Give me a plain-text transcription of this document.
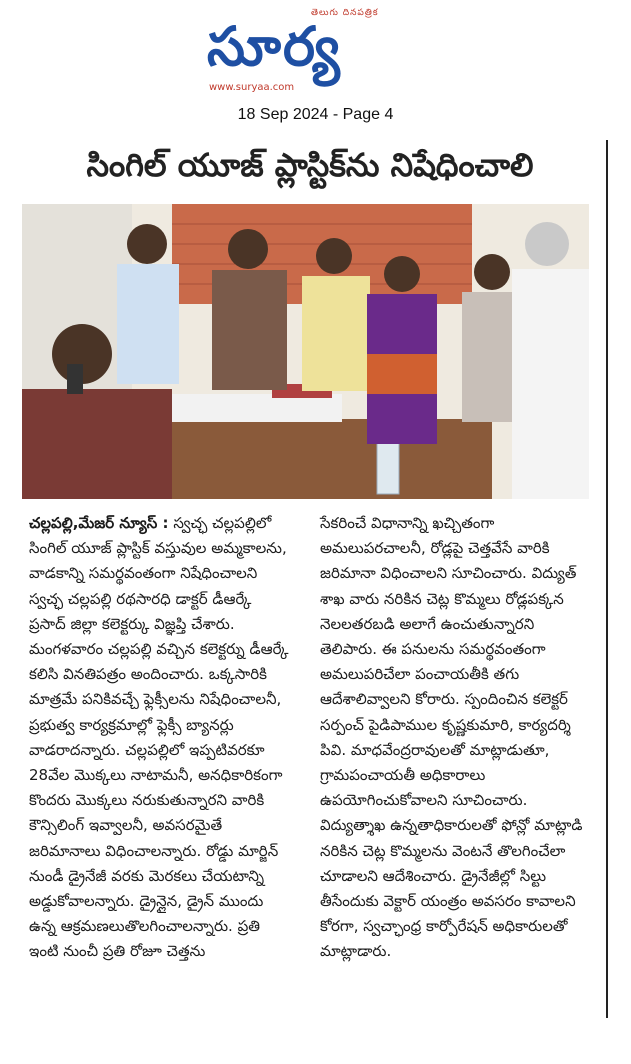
తెలుగు దినపత్రిక
సూర్య
www.suryaa.com
18 Sep 2024 - Page 4
సింగిల్ యూజ్ ప్లాస్టిక్‌ను నిషేధించాలి

చల్లపల్లి,మేజర్ న్యూస్ : స్వచ్ఛ చల్లపల్లిలో సింగిల్ యూజ్ ప్లాస్టిక్ వస్తువుల అమ్మకాలను, వాడకాన్ని సమర్థవంతంగా నిషేధించాలని స్వచ్ఛ చల్లపల్లి రథసారధి డాక్టర్ డీఆర్కే ప్రసాద్ జిల్లా కలెక్టర్కు విజ్ఞప్తి చేశారు. మంగళవారం చల్లపల్లి వచ్చిన కలెక్టర్ను డీఆర్కే కలిసి వినతిపత్రం అందించారు. ఒక్కసారికి మాత్రమే పనికివచ్చే ఫ్లెక్సీలను నిషేధించాలనీ, ప్రభుత్వ కార్యక్రమాల్లో ఫ్లెక్సీ బ్యానర్లు వాడరాదన్నారు. చల్లపల్లిలో ఇప్పటివరకూ 28వేల మొక్కలు నాటామనీ, అనధికారికంగా కొందరు మొక్కలు నరుకుతున్నారని వారికి కౌన్సిలింగ్ ఇవ్వాలనీ, అవసరమైతే జరిమానాలు విధించాలన్నారు. రోడ్డు మార్జిన్ నుండీ డ్రైనేజీ వరకు మెరకలు చేయటాన్ని అడ్డుకోవాలన్నారు. డ్రైన్లైన, డ్రైన్ ముందు ఉన్న ఆక్రమణలుతొలగించాలన్నారు. ప్రతి ఇంటి నుంచీ ప్రతి రోజూ చెత్తను

సేకరించే విధానాన్ని ఖచ్చితంగా అమలుపరచాలనీ, రోడ్లపై చెత్తవేసే వారికి జరిమానా విధించాలని సూచించారు. విద్యుత్ శాఖ వారు నరికిన చెట్ల కొమ్మలు రోడ్లపక్కన నెలలతరబడి అలాగే ఉంచుతున్నారని తెలిపారు. ఈ పనులను సమర్థవంతంగా అమలుపరిచేలా పంచాయతీకి తగు ఆదేశాలివ్వాలని కోరారు. స్పందించిన కలెక్టర్ సర్పంచ్ పైడిపాముల కృష్ణకుమారి, కార్యదర్శి పివి. మాధవేంద్రరావులతో మాట్లాడుతూ, గ్రామపంచాయతీ అధికారాలు ఉపయోగించుకోవాలని సూచించారు. విద్యుత్శాఖ ఉన్నతాధికారులతో ఫోన్లో మాట్లాడి నరికిన చెట్ల కొమ్మలను వెంటనే తొలగించేలా చూడాలని ఆదేశించారు. డ్రైనేజీల్లో సిల్టు తీసేందుకు వెక్టార్ యంత్రం అవసరం కావాలని కోరగా, స్వచ్ఛాంధ్ర కార్పోరేషన్ అధికారులతో మాట్లాడారు.
